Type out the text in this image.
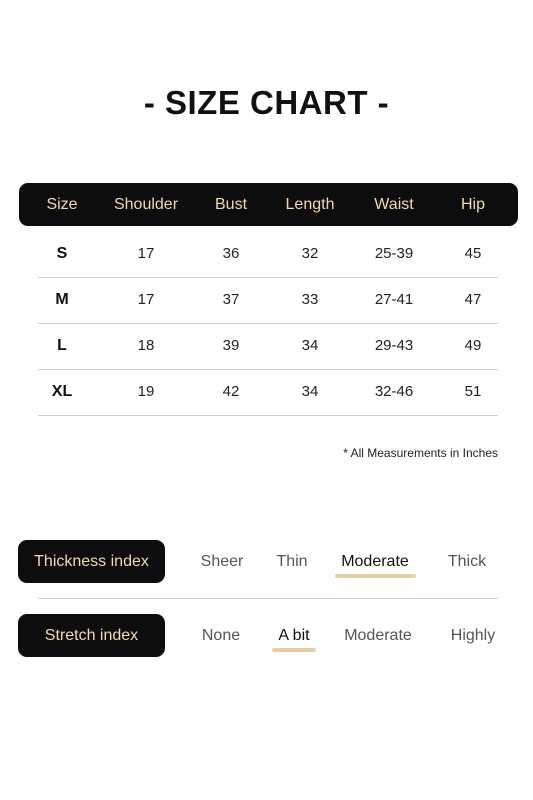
- SIZE CHART -
Size Shoulder Bust Length Waist	Hip
S	17	36	32	25-39	45
M	17	37	33	27-41	47
L	18	39	34	29-43	49
XL	19	42	34	32-46	51
* All Measurements in Inches
Thickness index	Sheer Thin Moderate Thick
Stretch index	None A bit Moderate Highly
